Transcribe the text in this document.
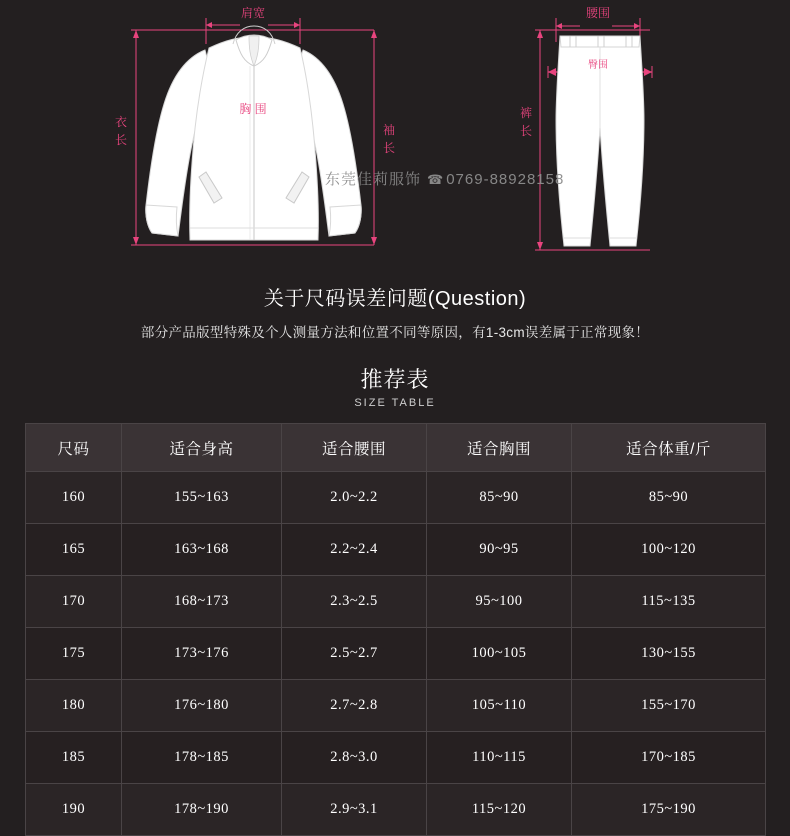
肩宽
衣
长
胸 围
袖
长
腰围
臀围
裤
长
东莞佳莉服饰 ☎ 0769-88928158
关于尺码误差问题(Question)

部分产品版型特殊及个人测量方法和位置不同等原因，有1-3cm误差属于正常现象！

推荐表
SIZE TABLE
尺码	适合身高	适合腰围	适合胸围	适合体重/斤
160	155~163	2.0~2.2	85~90	85~90
165	163~168	2.2~2.4	90~95	100~120
170	168~173	2.3~2.5	95~100	115~135
175	173~176	2.5~2.7	100~105	130~155
180	176~180	2.7~2.8	105~110	155~170
185	178~185	2.8~3.0	110~115	170~185
190	178~190	2.9~3.1	115~120	175~190
